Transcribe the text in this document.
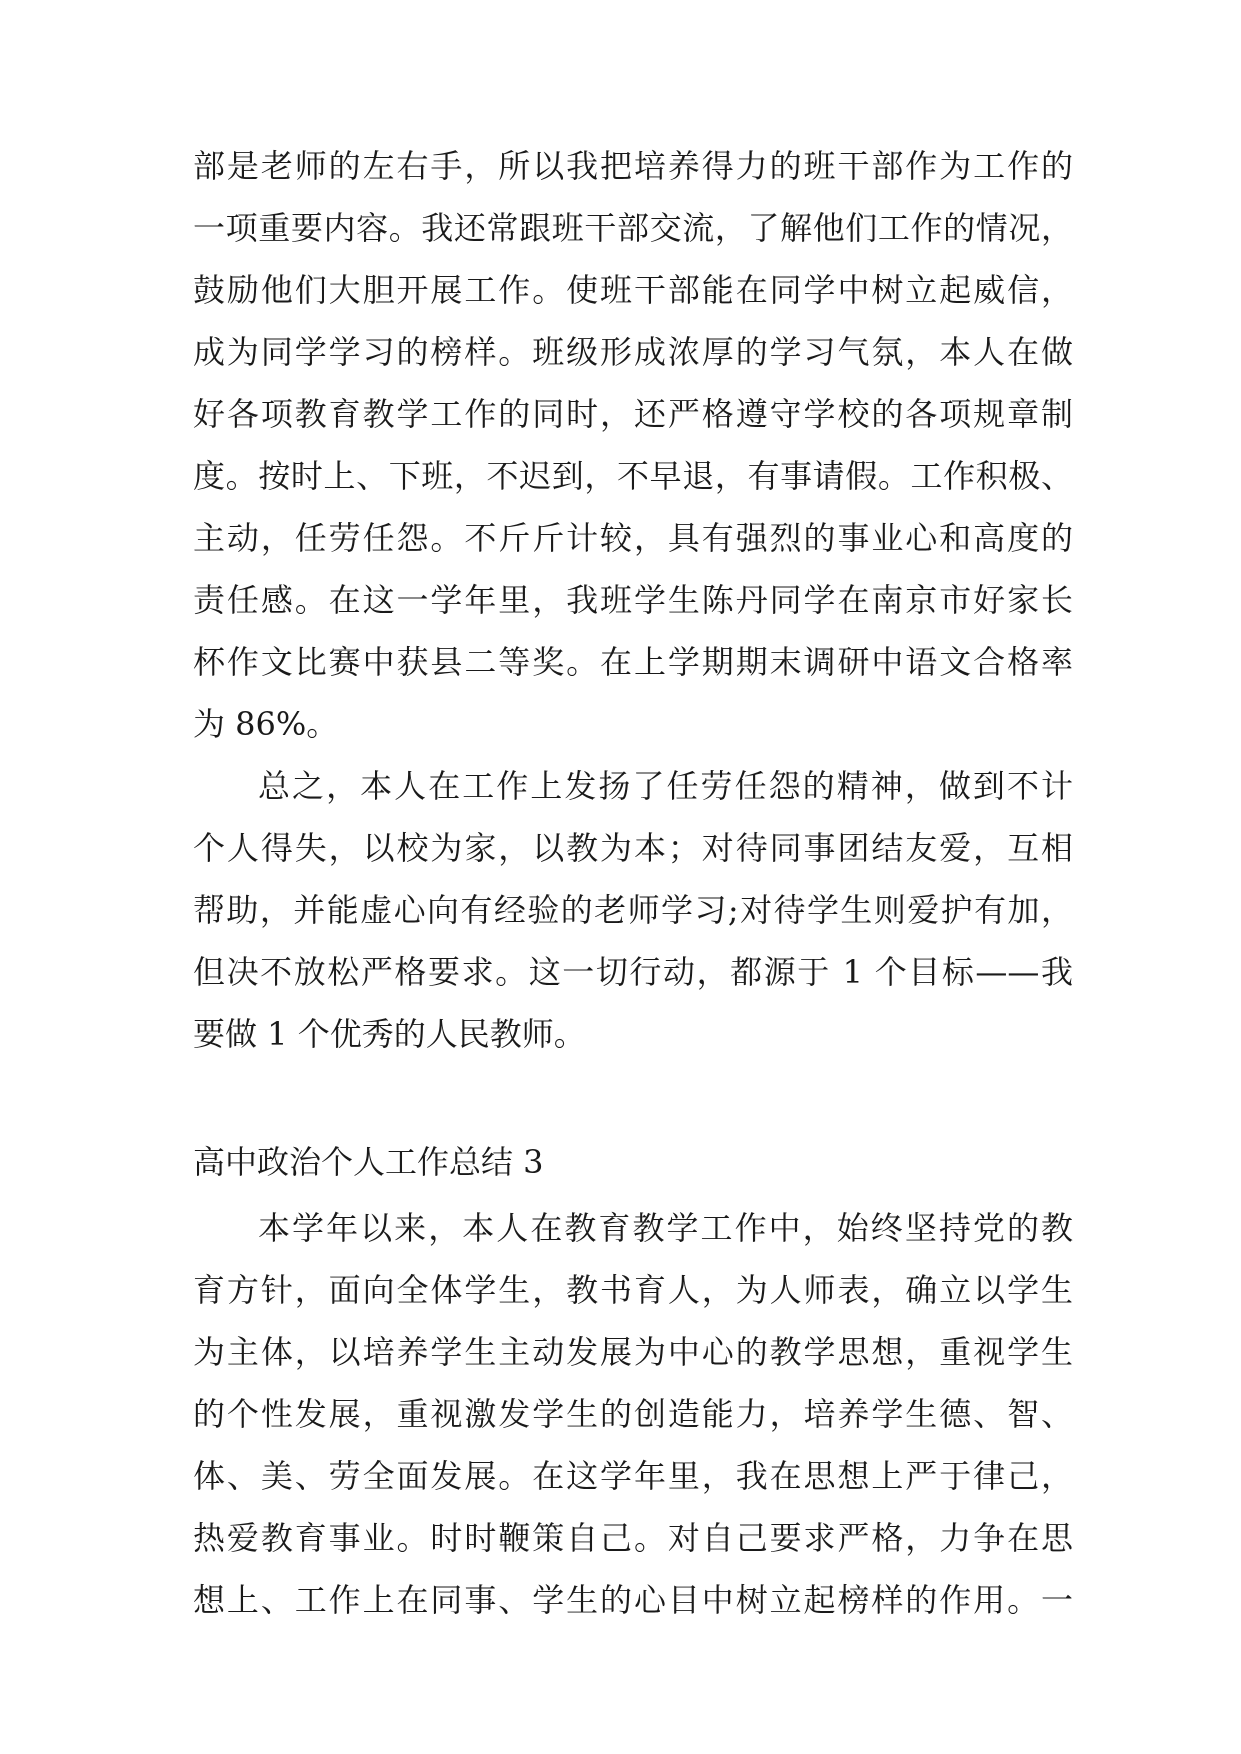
部是老师的左右手，所以我把培养得力的班干部作为工作的
一项重要内容。我还常跟班干部交流，了解他们工作的情况，
鼓励他们大胆开展工作。使班干部能在同学中树立起威信，
成为同学学习的榜样。班级形成浓厚的学习气氛，本人在做
好各项教育教学工作的同时，还严格遵守学校的各项规章制
度。按时上、下班，不迟到，不早退，有事请假。工作积极、
主动，任劳任怨。不斤斤计较，具有强烈的事业心和高度的
责任感。在这一学年里，我班学生陈丹同学在南京市好家长
杯作文比赛中获县二等奖。在上学期期末调研中语文合格率
为 86%。
总之，本人在工作上发扬了任劳任怨的精神，做到不计
个人得失，以校为家，以教为本；对待同事团结友爱，互相
帮助，并能虚心向有经验的老师学习;对待学生则爱护有加，
但决不放松严格要求。这一切行动，都源于 1 个目标——我
要做 1 个优秀的人民教师。
高中政治个人工作总结 3
本学年以来，本人在教育教学工作中，始终坚持党的教
育方针，面向全体学生，教书育人，为人师表，确立以学生
为主体，以培养学生主动发展为中心的教学思想，重视学生
的个性发展，重视激发学生的创造能力，培养学生德、智、
体、美、劳全面发展。在这学年里，我在思想上严于律己，
热爱教育事业。时时鞭策自己。对自己要求严格，力争在思
想上、工作上在同事、学生的心目中树立起榜样的作用。一
